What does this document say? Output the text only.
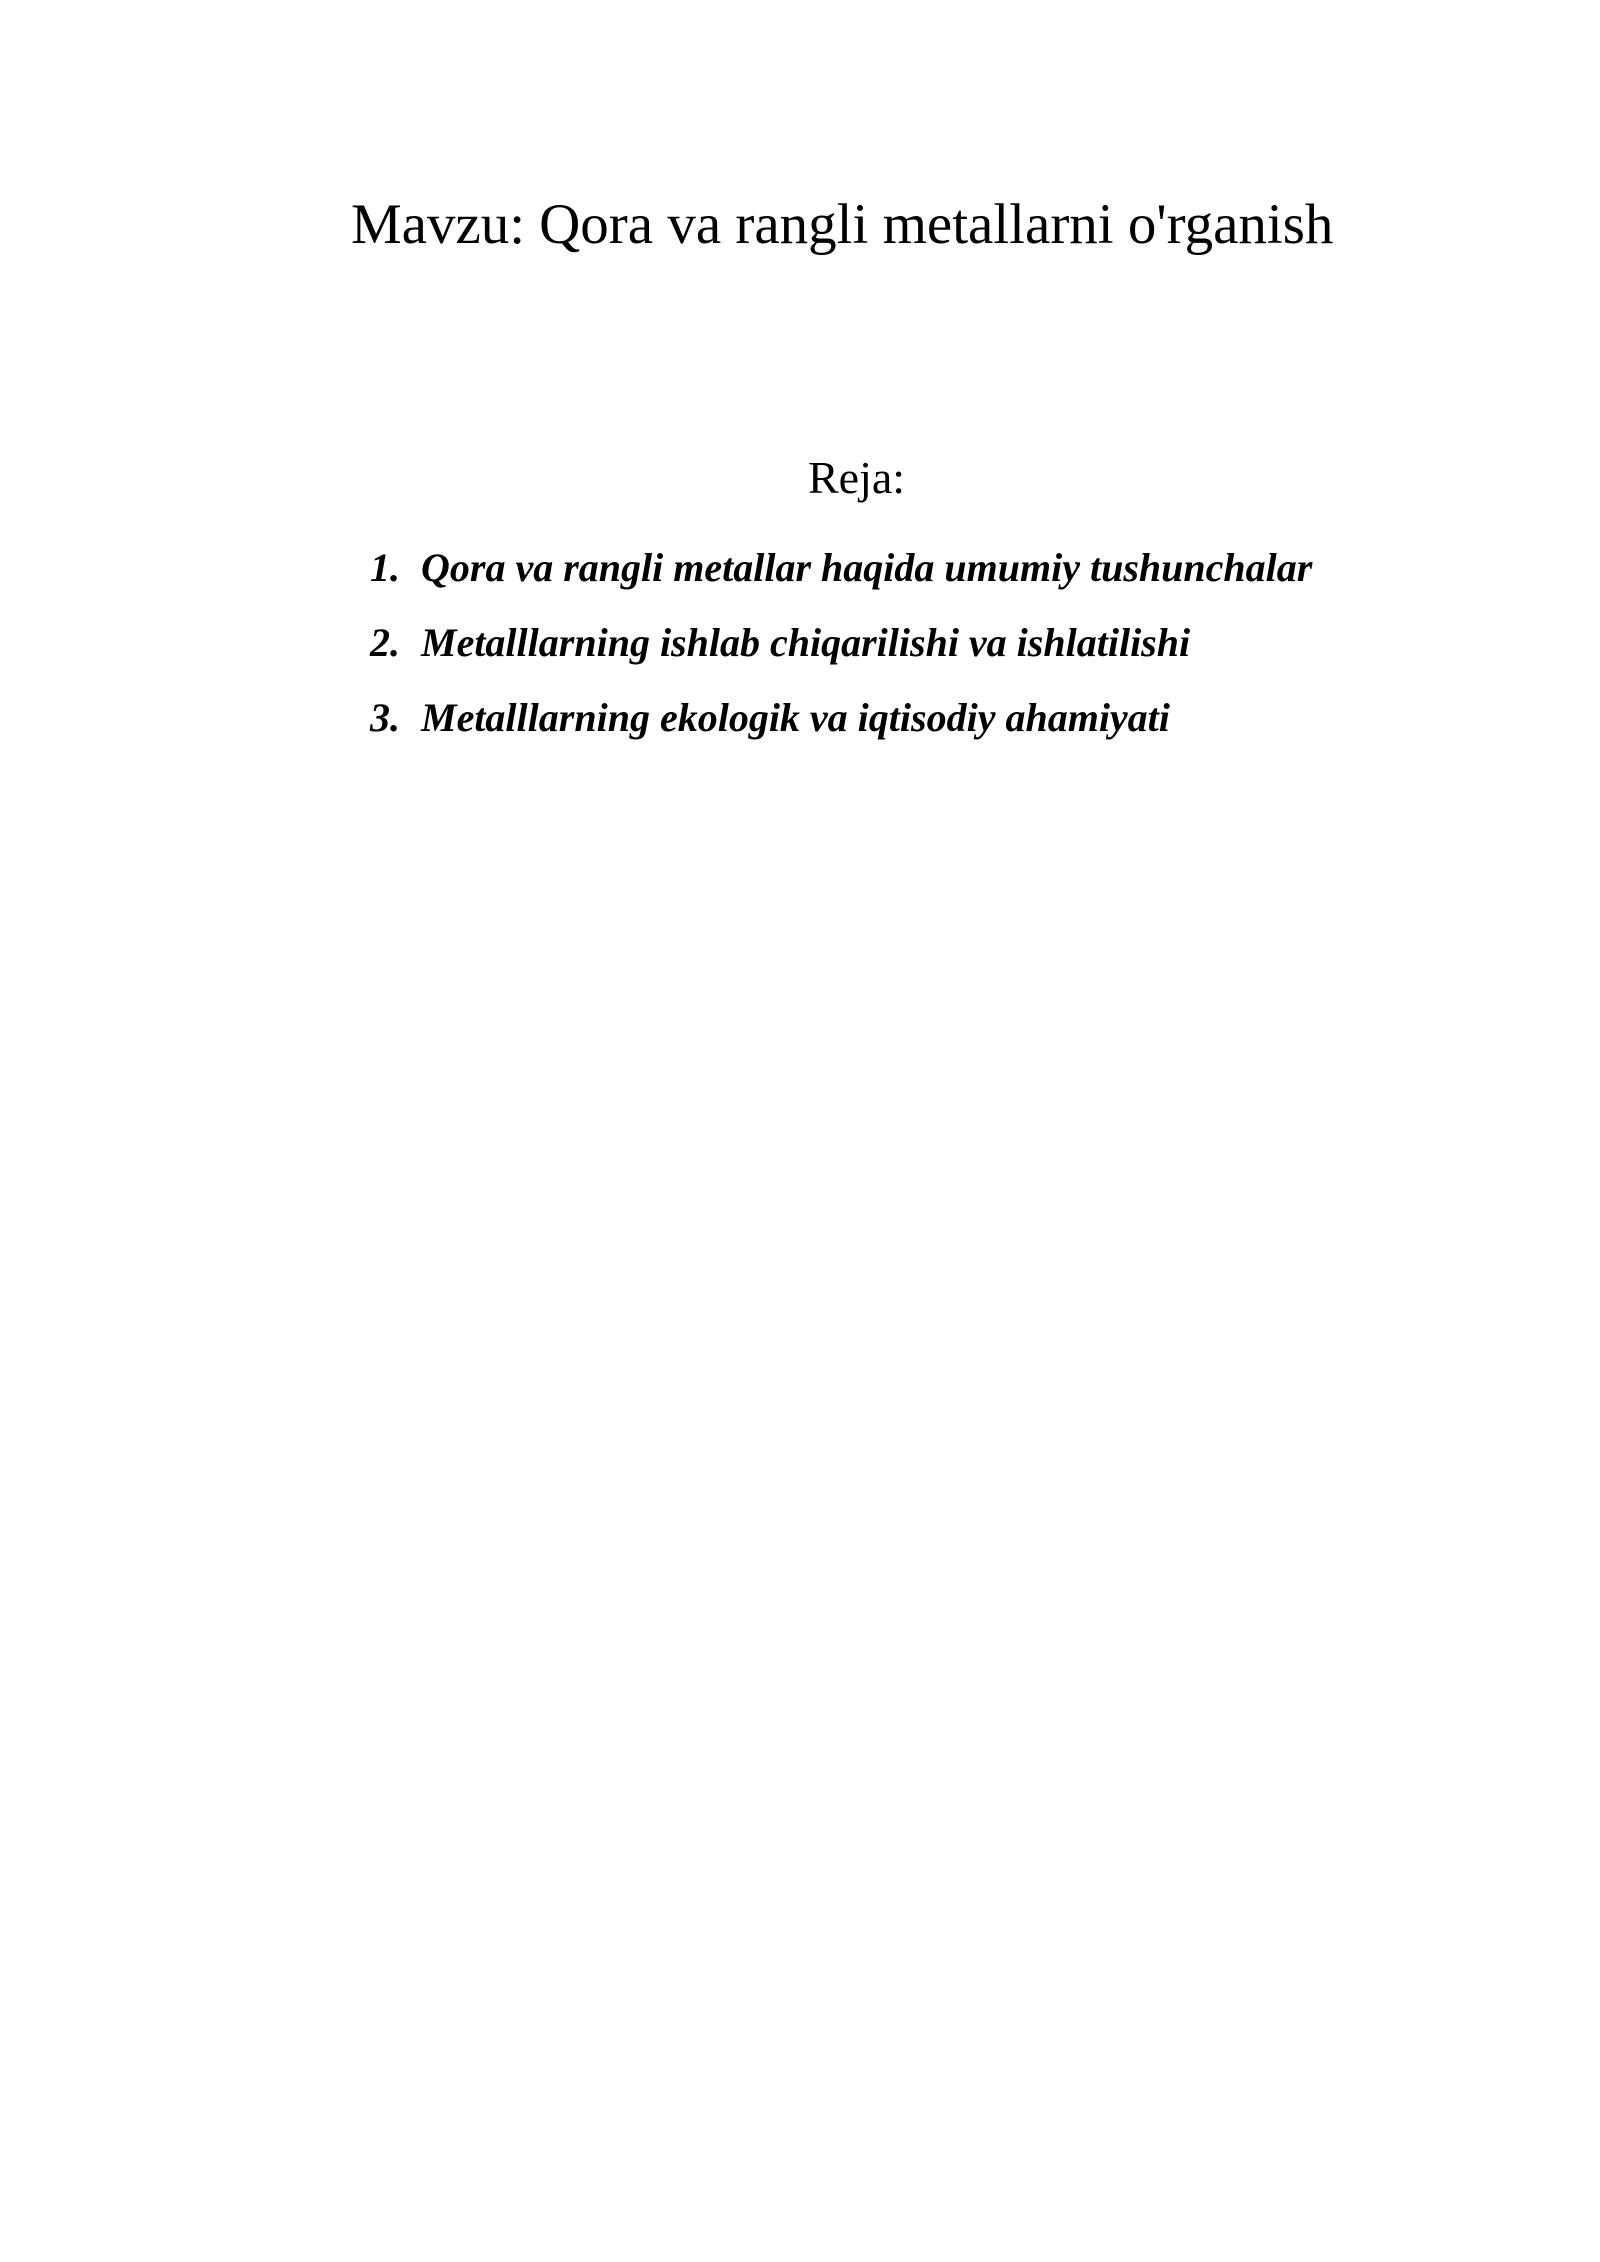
Mavzu: Qora va rangli metallarni o'rganish
Reja:
1. Qora va rangli metallar haqida umumiy tushunchalar
2. Metalllarning ishlab chiqarilishi va ishlatilishi
3. Metalllarning ekologik va iqtisodiy ahamiyati
